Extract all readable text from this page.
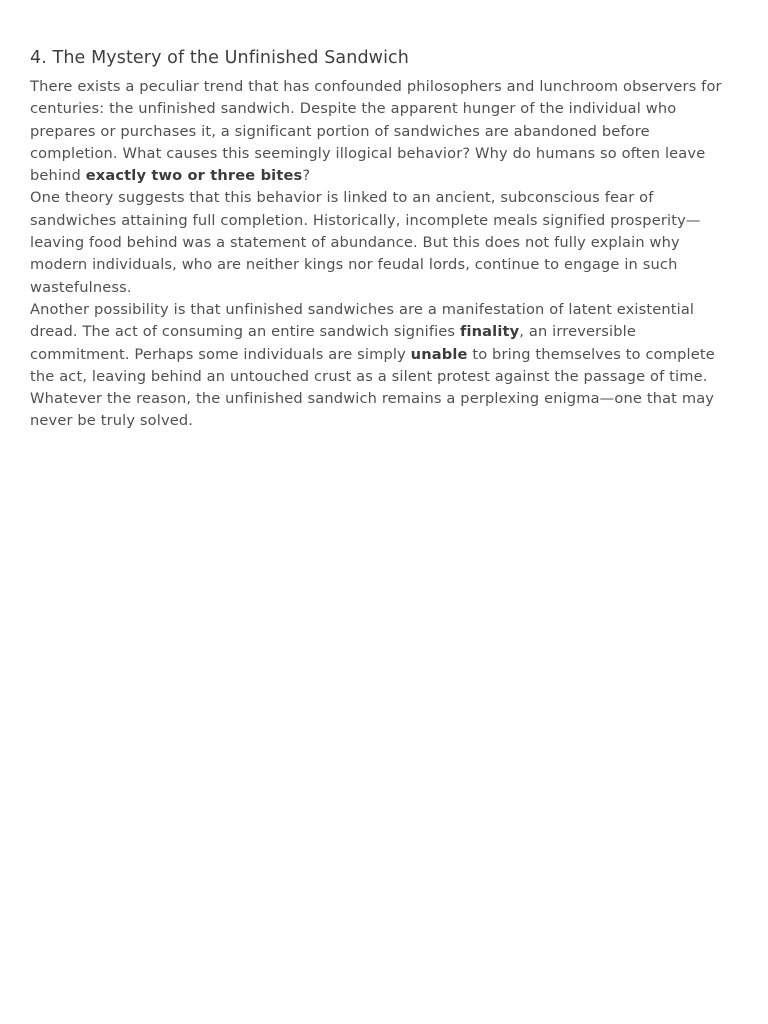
4. The Mystery of the Unfinished Sandwich

There exists a peculiar trend that has confounded philosophers and lunchroom observers for centuries: the unfinished sandwich. Despite the apparent hunger of the individual who prepares or purchases it, a significant portion of sandwiches are abandoned before completion. What causes this seemingly illogical behavior? Why do humans so often leave behind exactly two or three bites?

One theory suggests that this behavior is linked to an ancient, subconscious fear of sandwiches attaining full completion. Historically, incomplete meals signified prosperity—leaving food behind was a statement of abundance. But this does not fully explain why modern individuals, who are neither kings nor feudal lords, continue to engage in such wastefulness.

Another possibility is that unfinished sandwiches are a manifestation of latent existential dread. The act of consuming an entire sandwich signifies finality, an irreversible commitment. Perhaps some individuals are simply unable to bring themselves to complete the act, leaving behind an untouched crust as a silent protest against the passage of time.

Whatever the reason, the unfinished sandwich remains a perplexing enigma—one that may never be truly solved.
